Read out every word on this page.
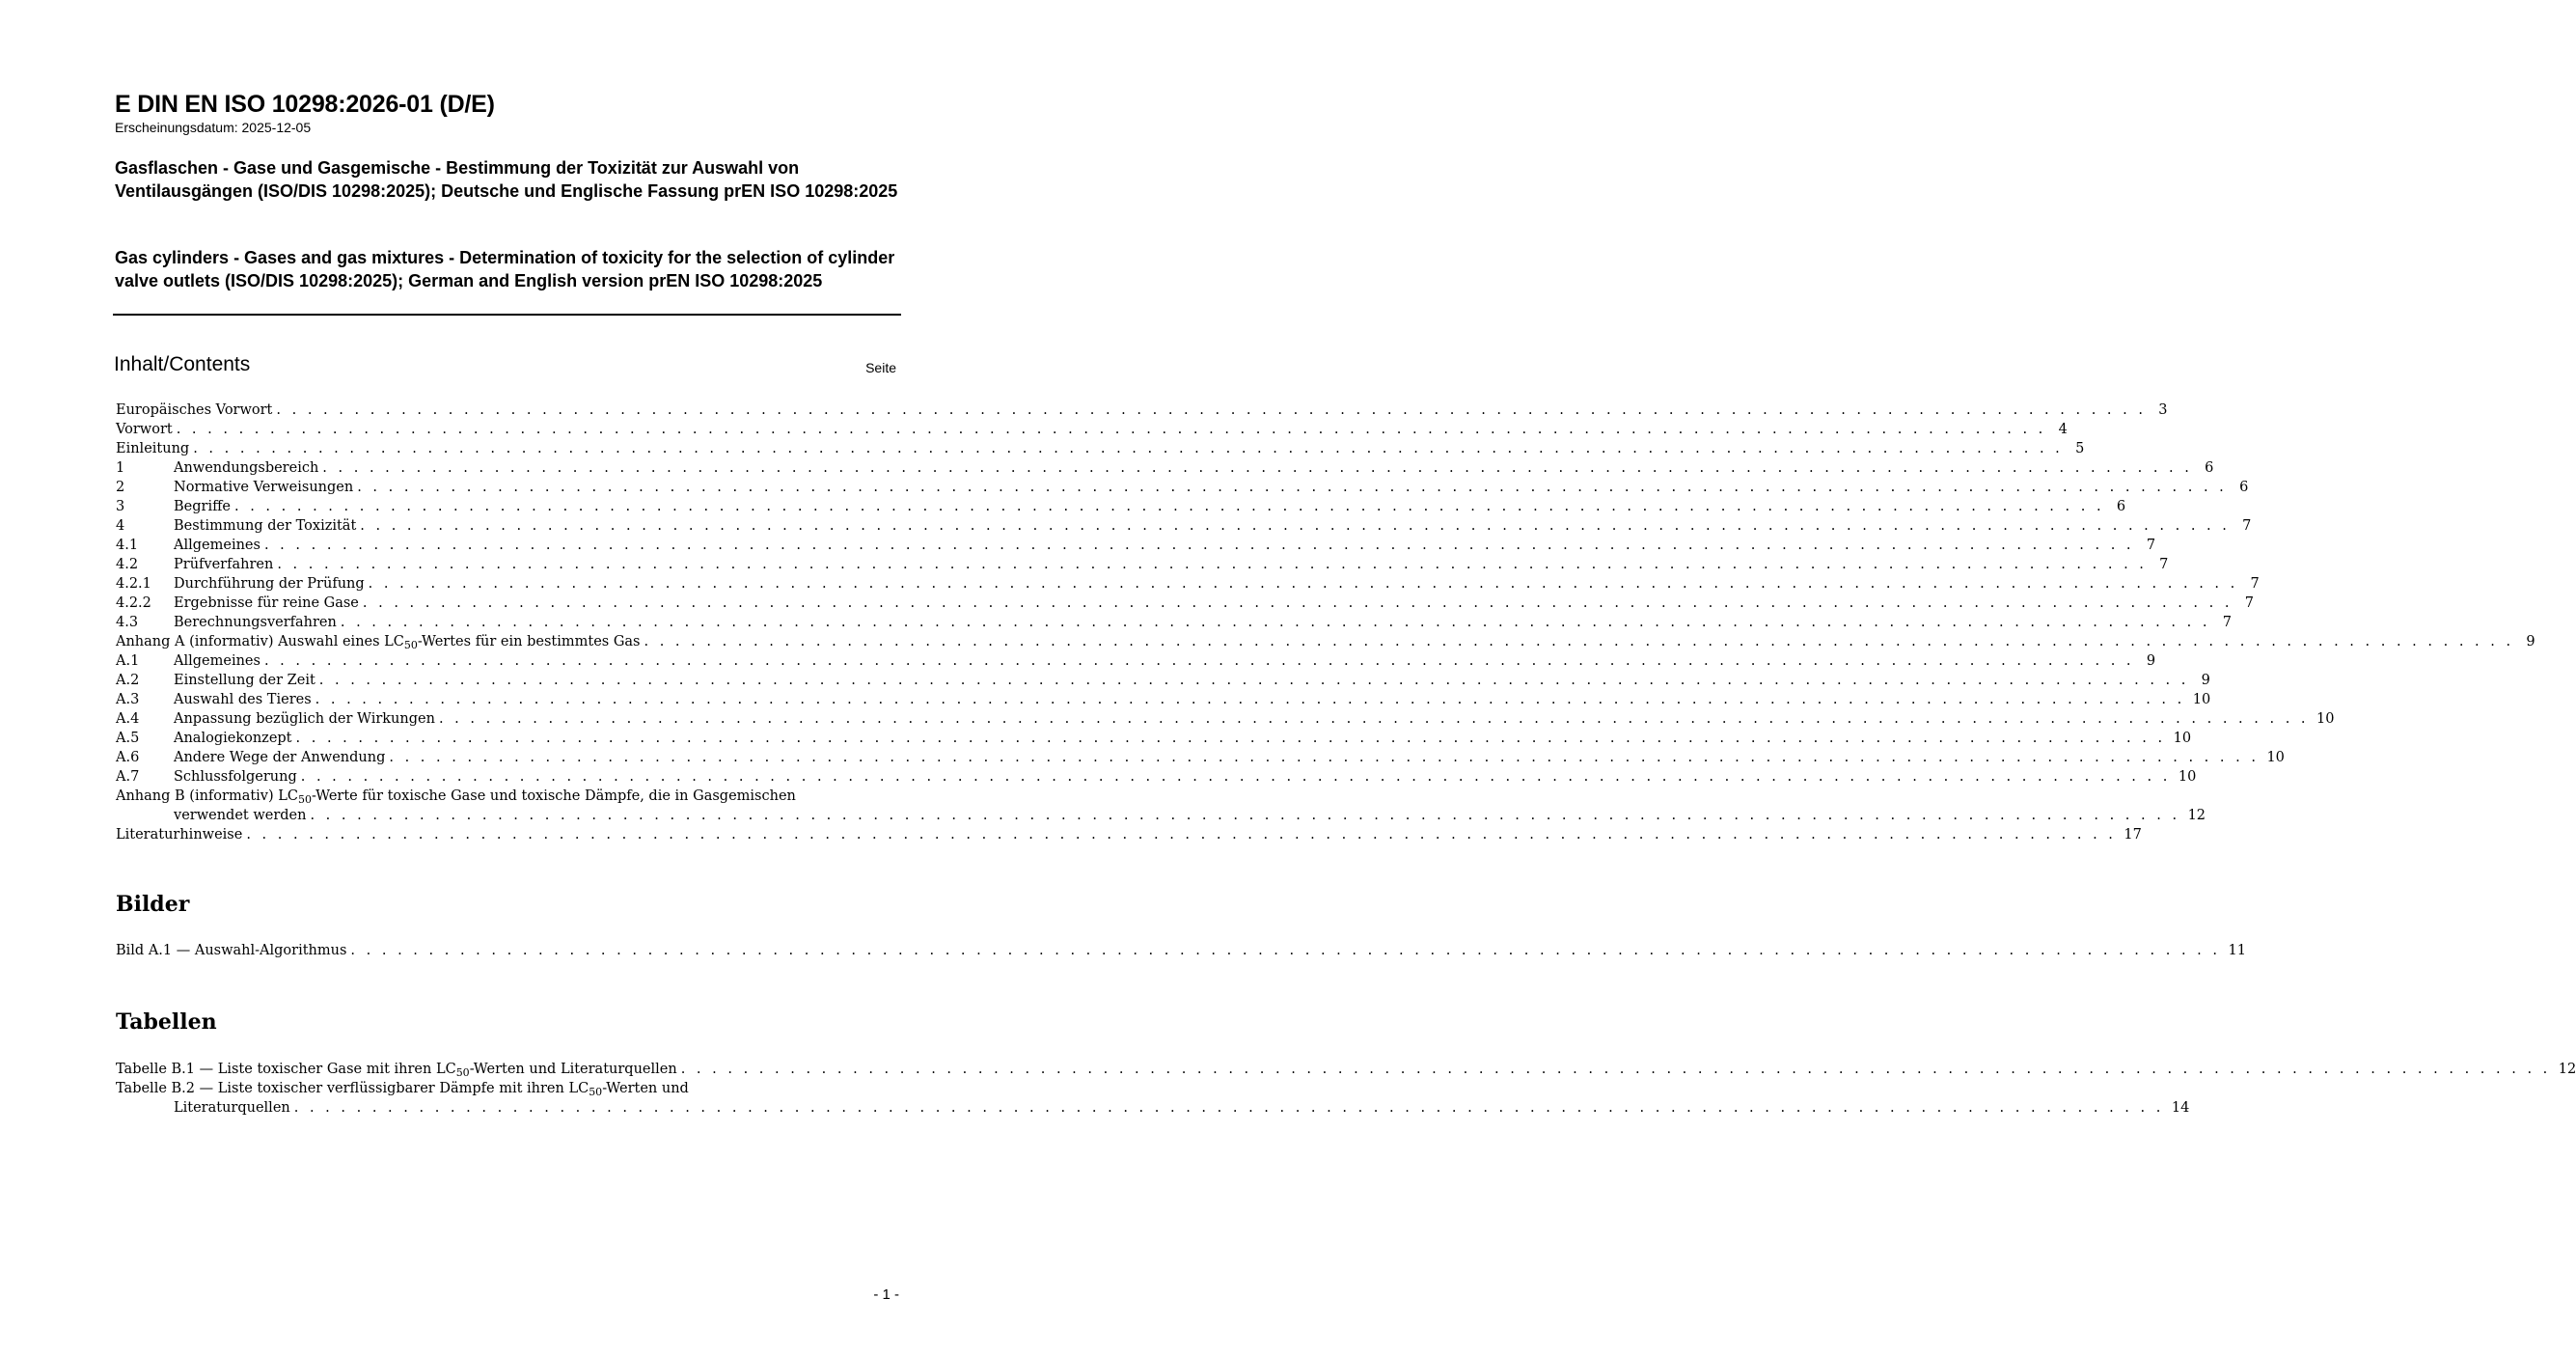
E DIN EN ISO 10298:2026-01 (D/E)
Erscheinungsdatum: 2025-12-05
Gasflaschen - Gase und Gasgemische - Bestimmung der Toxizität zur Auswahl von Ventilausgängen (ISO/DIS 10298:2025); Deutsche und Englische Fassung prEN ISO 10298:2025
Gas cylinders - Gases and gas mixtures - Determination of toxicity for the selection of cylinder valve outlets (ISO/DIS 10298:2025); German and English version prEN ISO 10298:2025
Inhalt/Contents	Seite
Europäisches Vorwort . . . . . . . . . . . . . . . . . . . . . . . . . . . . . . . . . . . . . . . . . . . . . . . . . . . . . . . . . . . . . . . . . . . . . . . . . . . . . . . . . . . . . . . . . . . . . . . . . . . . . . . . . . . . . . . . . . . . . . . . 3
Vorwort . . . . . . . . . . . . . . . . . . . . . . . . . . . . . . . . . . . . . . . . . . . . . . . . . . . . . . . . . . . . . . . . . . . . . . . . . . . . . . . . . . . . . . . . . . . . . . . . . . . . . . . . . . . . . . . . . . . . . . . . 4
Einleitung . . . . . . . . . . . . . . . . . . . . . . . . . . . . . . . . . . . . . . . . . . . . . . . . . . . . . . . . . . . . . . . . . . . . . . . . . . . . . . . . . . . . . . . . . . . . . . . . . . . . . . . . . . . . . . . . . . . . . . . . 5
1	Anwendungsbereich . . . . . . . . . . . . . . . . . . . . . . . . . . . . . . . . . . . . . . . . . . . . . . . . . . . . . . . . . . . . . . . . . . . . . . . . . . . . . . . . . . . . . . . . . . . . . . . . . . . . . . . . . . . . . . . . . . . . . . . . 6
2	Normative Verweisungen . . . . . . . . . . . . . . . . . . . . . . . . . . . . . . . . . . . . . . . . . . . . . . . . . . . . . . . . . . . . . . . . . . . . . . . . . . . . . . . . . . . . . . . . . . . . . . . . . . . . . . . . . . . . . . . . . . . . . . . . 6
3	Begriffe . . . . . . . . . . . . . . . . . . . . . . . . . . . . . . . . . . . . . . . . . . . . . . . . . . . . . . . . . . . . . . . . . . . . . . . . . . . . . . . . . . . . . . . . . . . . . . . . . . . . . . . . . . . . . . . . . . . . . . . . 6
4	Bestimmung der Toxizität . . . . . . . . . . . . . . . . . . . . . . . . . . . . . . . . . . . . . . . . . . . . . . . . . . . . . . . . . . . . . . . . . . . . . . . . . . . . . . . . . . . . . . . . . . . . . . . . . . . . . . . . . . . . . . . . . . . . . . . . 7
4.1	Allgemeines . . . . . . . . . . . . . . . . . . . . . . . . . . . . . . . . . . . . . . . . . . . . . . . . . . . . . . . . . . . . . . . . . . . . . . . . . . . . . . . . . . . . . . . . . . . . . . . . . . . . . . . . . . . . . . . . . . . . . . . . 7
4.2	Prüfverfahren . . . . . . . . . . . . . . . . . . . . . . . . . . . . . . . . . . . . . . . . . . . . . . . . . . . . . . . . . . . . . . . . . . . . . . . . . . . . . . . . . . . . . . . . . . . . . . . . . . . . . . . . . . . . . . . . . . . . . . . . 7
4.2.1	Durchführung der Prüfung . . . . . . . . . . . . . . . . . . . . . . . . . . . . . . . . . . . . . . . . . . . . . . . . . . . . . . . . . . . . . . . . . . . . . . . . . . . . . . . . . . . . . . . . . . . . . . . . . . . . . . . . . . . . . . . . . . . . . . . . 7
4.2.2	Ergebnisse für reine Gase . . . . . . . . . . . . . . . . . . . . . . . . . . . . . . . . . . . . . . . . . . . . . . . . . . . . . . . . . . . . . . . . . . . . . . . . . . . . . . . . . . . . . . . . . . . . . . . . . . . . . . . . . . . . . . . . . . . . . . . . 7
4.3	Berechnungsverfahren . . . . . . . . . . . . . . . . . . . . . . . . . . . . . . . . . . . . . . . . . . . . . . . . . . . . . . . . . . . . . . . . . . . . . . . . . . . . . . . . . . . . . . . . . . . . . . . . . . . . . . . . . . . . . . . . . . . . . . . . 7
Anhang A (informativ) Auswahl eines $LC_{50}$-Wertes für ein bestimmtes Gas . . . . . . . . . . . . . . . . . . . . . . . . . . . . . . . . . . . . . . . . . . . . . . . . . . . . . . . . . . . . . . . . . . . . . . . . . . . . . . . . . . . . . . . . . . . . . . . . . . . . . . . . . . . . . . . . . . . . . . . . 9
A.1	Allgemeines . . . . . . . . . . . . . . . . . . . . . . . . . . . . . . . . . . . . . . . . . . . . . . . . . . . . . . . . . . . . . . . . . . . . . . . . . . . . . . . . . . . . . . . . . . . . . . . . . . . . . . . . . . . . . . . . . . . . . . . . 9
A.2	Einstellung der Zeit . . . . . . . . . . . . . . . . . . . . . . . . . . . . . . . . . . . . . . . . . . . . . . . . . . . . . . . . . . . . . . . . . . . . . . . . . . . . . . . . . . . . . . . . . . . . . . . . . . . . . . . . . . . . . . . . . . . . . . . . 9
A.3	Auswahl des Tieres . . . . . . . . . . . . . . . . . . . . . . . . . . . . . . . . . . . . . . . . . . . . . . . . . . . . . . . . . . . . . . . . . . . . . . . . . . . . . . . . . . . . . . . . . . . . . . . . . . . . . . . . . . . . . . . . . . . . . . . . 10
A.4	Anpassung bezüglich der Wirkungen . . . . . . . . . . . . . . . . . . . . . . . . . . . . . . . . . . . . . . . . . . . . . . . . . . . . . . . . . . . . . . . . . . . . . . . . . . . . . . . . . . . . . . . . . . . . . . . . . . . . . . . . . . . . . . . . . . . . . . . . 10
A.5	Analogiekonzept . . . . . . . . . . . . . . . . . . . . . . . . . . . . . . . . . . . . . . . . . . . . . . . . . . . . . . . . . . . . . . . . . . . . . . . . . . . . . . . . . . . . . . . . . . . . . . . . . . . . . . . . . . . . . . . . . . . . . . . . 10
A.6	Andere Wege der Anwendung . . . . . . . . . . . . . . . . . . . . . . . . . . . . . . . . . . . . . . . . . . . . . . . . . . . . . . . . . . . . . . . . . . . . . . . . . . . . . . . . . . . . . . . . . . . . . . . . . . . . . . . . . . . . . . . . . . . . . . . . 10
A.7	Schlussfolgerung . . . . . . . . . . . . . . . . . . . . . . . . . . . . . . . . . . . . . . . . . . . . . . . . . . . . . . . . . . . . . . . . . . . . . . . . . . . . . . . . . . . . . . . . . . . . . . . . . . . . . . . . . . . . . . . . . . . . . . . . 10
Anhang B (informativ) $LC_{50}$-Werte für toxische Gase und toxische Dämpfe, die in Gasgemischen
verwendet werden . . . . . . . . . . . . . . . . . . . . . . . . . . . . . . . . . . . . . . . . . . . . . . . . . . . . . . . . . . . . . . . . . . . . . . . . . . . . . . . . . . . . . . . . . . . . . . . . . . . . . . . . . . . . . . . . . . . . . . . . 12
Literaturhinweise . . . . . . . . . . . . . . . . . . . . . . . . . . . . . . . . . . . . . . . . . . . . . . . . . . . . . . . . . . . . . . . . . . . . . . . . . . . . . . . . . . . . . . . . . . . . . . . . . . . . . . . . . . . . . . . . . . . . . . . . 17
Bilder
Bild A.1 — Auswahl-Algorithmus . . . . . . . . . . . . . . . . . . . . . . . . . . . . . . . . . . . . . . . . . . . . . . . . . . . . . . . . . . . . . . . . . . . . . . . . . . . . . . . . . . . . . . . . . . . . . . . . . . . . . . . . . . . . . . . . . . . . . . . . 11
Tabellen
Tabelle B.1 — Liste toxischer Gase mit ihren $LC_{50}$-Werten und Literaturquellen . . . . . . . . . . . . . . . . . . . . . . . . . . . . . . . . . . . . . . . . . . . . . . . . . . . . . . . . . . . . . . . . . . . . . . . . . . . . . . . . . . . . . . . . . . . . . . . . . . . . . . . . . . . . . . . . . . . . . . . . 12
Tabelle B.2 — Liste toxischer verflüssigbarer Dämpfe mit ihren $LC_{50}$-Werten und
Literaturquellen . . . . . . . . . . . . . . . . . . . . . . . . . . . . . . . . . . . . . . . . . . . . . . . . . . . . . . . . . . . . . . . . . . . . . . . . . . . . . . . . . . . . . . . . . . . . . . . . . . . . . . . . . . . . . . . . . . . . . . . . 14
- 1 -
